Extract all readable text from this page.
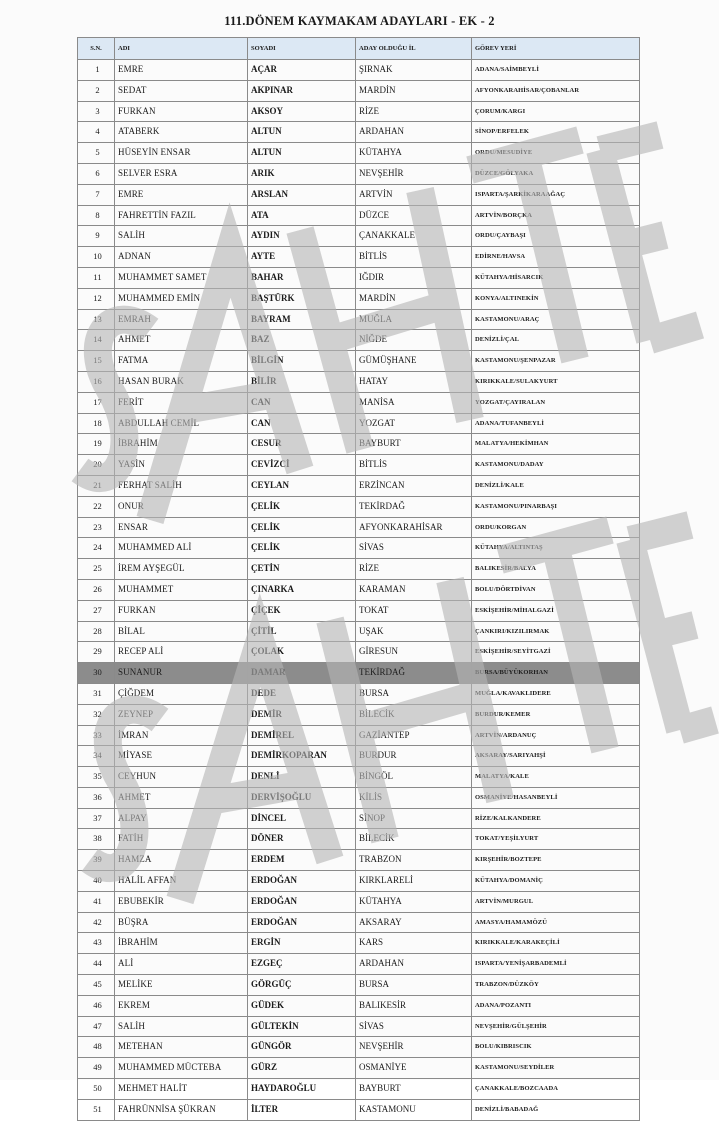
111.DÖNEM KAYMAKAM ADAYLARI - EK - 2
S.N.	ADI	SOYADI	ADAY OLDUĞU İL	GÖREV YERİ
1	EMRE	AÇAR	ŞIRNAK	ADANA/SAİMBEYLİ
2	SEDAT	AKPINAR	MARDİN	AFYONKARAHİSAR/ÇOBANLAR
3	FURKAN	AKSOY	RİZE	ÇORUM/KARGI
4	ATABERK	ALTUN	ARDAHAN	SİNOP/ERFELEK
5	HÜSEYİN ENSAR	ALTUN	KÜTAHYA	ORDU/MESUDİYE
6	SELVER ESRA	ARIK	NEVŞEHİR	DÜZCE/GÖLYAKA
7	EMRE	ARSLAN	ARTVİN	ISPARTA/ŞARKİKARAAĞAÇ
8	FAHRETTİN FAZIL	ATA	DÜZCE	ARTVİN/BORÇKA
9	SALİH	AYDIN	ÇANAKKALE	ORDU/ÇAYBAŞI
10	ADNAN	AYTE	BİTLİS	EDİRNE/HAVSA
11	MUHAMMET SAMET	BAHAR	IĞDIR	KÜTAHYA/HİSARCIK
12	MUHAMMED EMİN	BAŞTÜRK	MARDİN	KONYA/ALTINEKİN
13	EMRAH	BAYRAM	MUĞLA	KASTAMONU/ARAÇ
14	AHMET	BAZ	NİĞDE	DENİZLİ/ÇAL
15	FATMA	BİLGİN	GÜMÜŞHANE	KASTAMONU/ŞENPAZAR
16	HASAN BURAK	BİLİR	HATAY	KIRIKKALE/SULAKYURT
17	FERİT	CAN	MANİSA	YOZGAT/ÇAYIRALAN
18	ABDULLAH CEMİL	CAN	YOZGAT	ADANA/TUFANBEYLİ
19	İBRAHİM	CESUR	BAYBURT	MALATYA/HEKİMHAN
20	YASİN	CEVİZCİ	BİTLİS	KASTAMONU/DADAY
21	FERHAT SALİH	CEYLAN	ERZİNCAN	DENİZLİ/KALE
22	ONUR	ÇELİK	TEKİRDAĞ	KASTAMONU/PINARBAŞI
23	ENSAR	ÇELİK	AFYONKARAHİSAR	ORDU/KORGAN
24	MUHAMMED ALİ	ÇELİK	SİVAS	KÜTAHYA/ALTINTAŞ
25	İREM AYŞEGÜL	ÇETİN	RİZE	BALIKESİR/BALYA
26	MUHAMMET	ÇINARKA	KARAMAN	BOLU/DÖRTDİVAN
27	FURKAN	ÇİÇEK	TOKAT	ESKİŞEHİR/MİHALGAZİ
28	BİLAL	ÇİTİL	UŞAK	ÇANKIRI/KIZILIRMAK
29	RECEP ALİ	ÇOLAK	GİRESUN	ESKİŞEHİR/SEYİTGAZİ
30	SUNANUR	DAMAR	TEKİRDAĞ	BURSA/BÜYÜKORHAN
31	ÇİĞDEM	DEDE	BURSA	MUĞLA/KAVAKLIDERE
32	ZEYNEP	DEMİR	BİLECİK	BURDUR/KEMER
33	İMRAN	DEMİREL	GAZİANTEP	ARTVİN/ARDANUÇ
34	MİYASE	DEMİRKOPARAN	BURDUR	AKSARAY/SARIYAHŞİ
35	CEYHUN	DENLİ	BİNGÖL	MALATYA/KALE
36	AHMET	DERVİŞOĞLU	KİLİS	OSMANİYE/HASANBEYLİ
37	ALPAY	DİNCEL	SİNOP	RİZE/KALKANDERE
38	FATİH	DÖNER	BİLECİK	TOKAT/YEŞİLYURT
39	HAMZA	ERDEM	TRABZON	KIRŞEHİR/BOZTEPE
40	HALİL AFFAN	ERDOĞAN	KIRKLARELİ	KÜTAHYA/DOMANİÇ
41	EBUBEKİR	ERDOĞAN	KÜTAHYA	ARTVİN/MURGUL
42	BÜŞRA	ERDOĞAN	AKSARAY	AMASYA/HAMAMÖZÜ
43	İBRAHİM	ERGİN	KARS	KIRIKKALE/KARAKEÇİLİ
44	ALİ	EZGEÇ	ARDAHAN	ISPARTA/YENİŞARBADEMLİ
45	MELİKE	GÖRGÜÇ	BURSA	TRABZON/DÜZKÖY
46	EKREM	GÜDEK	BALIKESİR	ADANA/POZANTI
47	SALİH	GÜLTEKİN	SİVAS	NEVŞEHİR/GÜLŞEHİR
48	METEHAN	GÜNGÖR	NEVŞEHİR	BOLU/KIBRISCIK
49	MUHAMMED MÜCTEBA	GÜRZ	OSMANİYE	KASTAMONU/SEYDİLER
50	MEHMET HALİT	HAYDAROĞLU	BAYBURT	ÇANAKKALE/BOZCAADA
51	FAHRÜNNİSA ŞÜKRAN	İLTER	KASTAMONU	DENİZLİ/BABADAĞ
